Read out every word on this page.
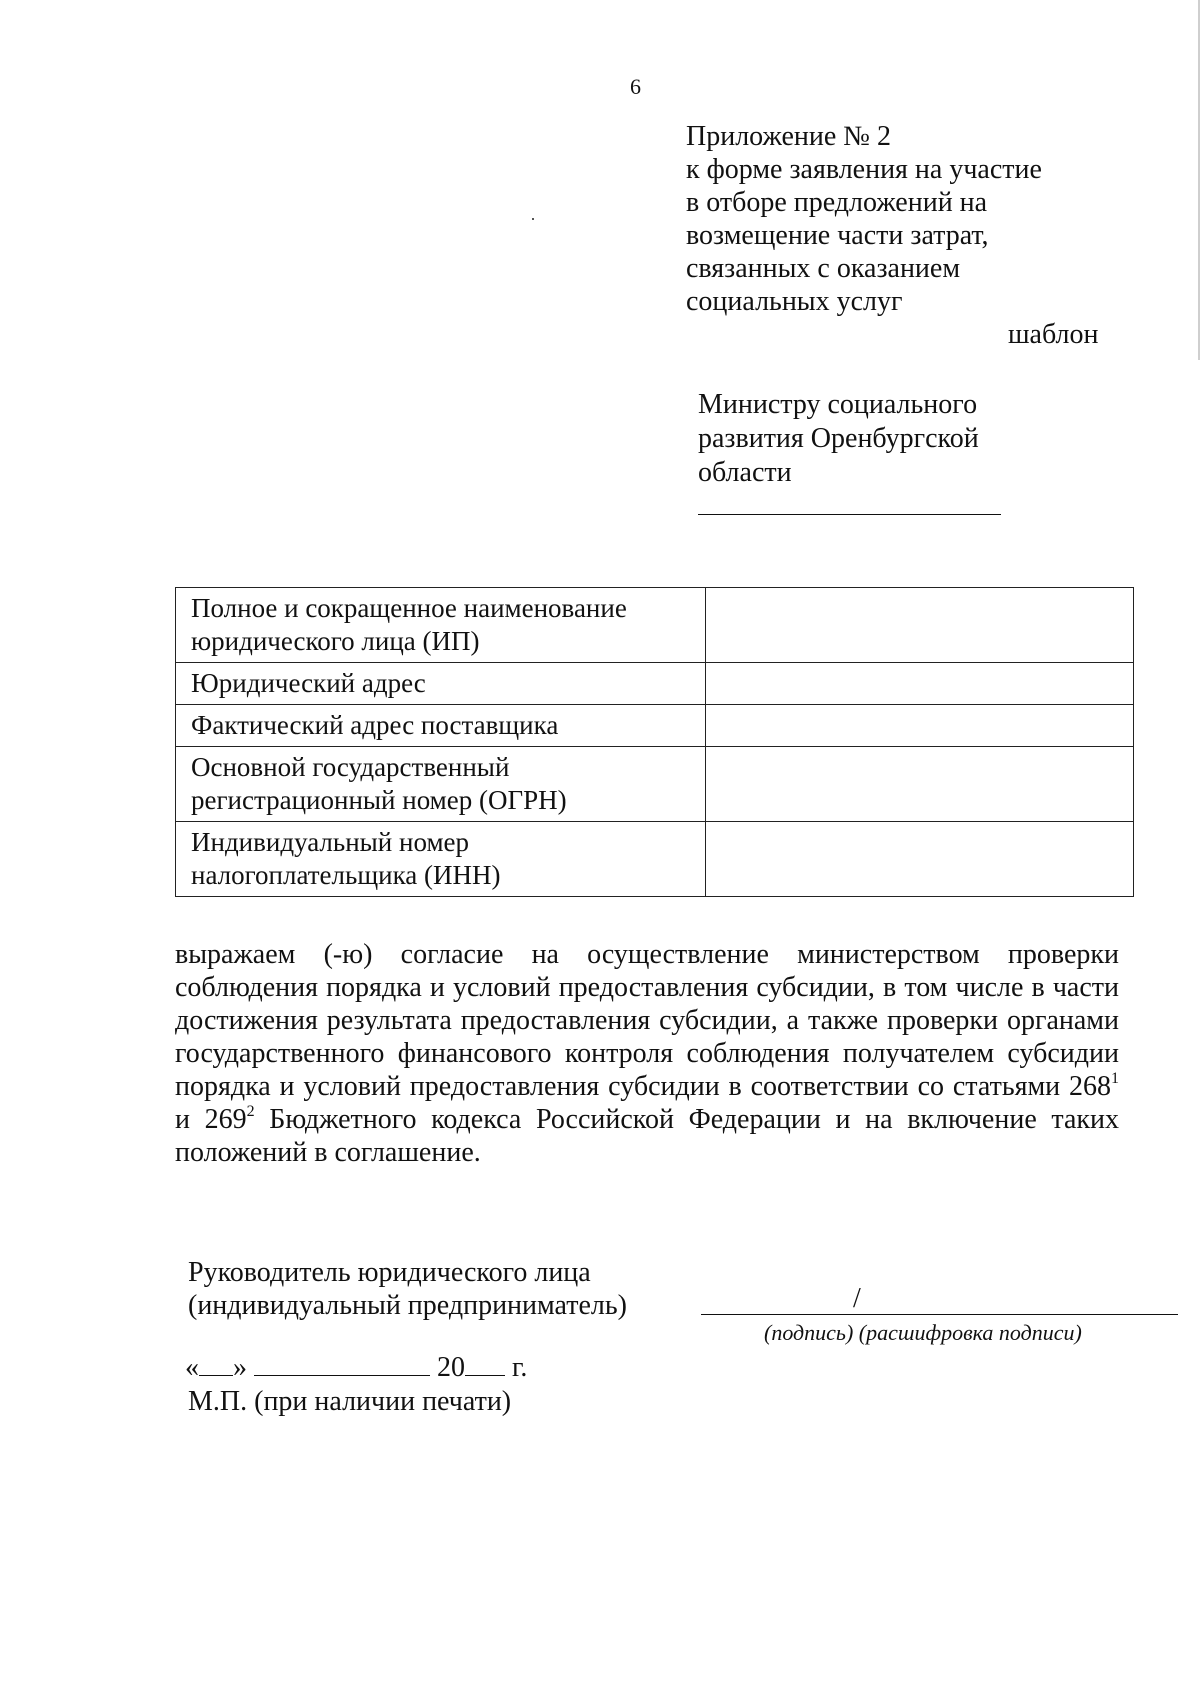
6
Приложение № 2
к форме заявления на участие
в отборе предложений на
возмещение части затрат,
связанных с оказанием
социальных услуг
шаблон
Министру социального
развития Оренбургской
области
Полное и сокращенное наименование юридического лица (ИП)	
Юридический адрес	
Фактический адрес поставщика	
Основной государственный регистрационный номер (ОГРН)	
Индивидуальный номер налогоплательщика (ИНН)	
выражаем (-ю) согласие на осуществление министерством проверки соблюдения порядка и условий предоставления субсидии, в том числе в части достижения результата предоставления субсидии, а также проверки органами государственного финансового контроля соблюдения получателем субсидии порядка и условий предоставления субсидии в соответствии со статьями $268^1$ и $269^2$ Бюджетного кодекса Российской Федерации и на включение таких положений в соглашение.
Руководитель юридического лица
(индивидуальный предприниматель)	/
(подпись) (расшифровка подписи)
« »	20 г.
М.П. (при наличии печати)
